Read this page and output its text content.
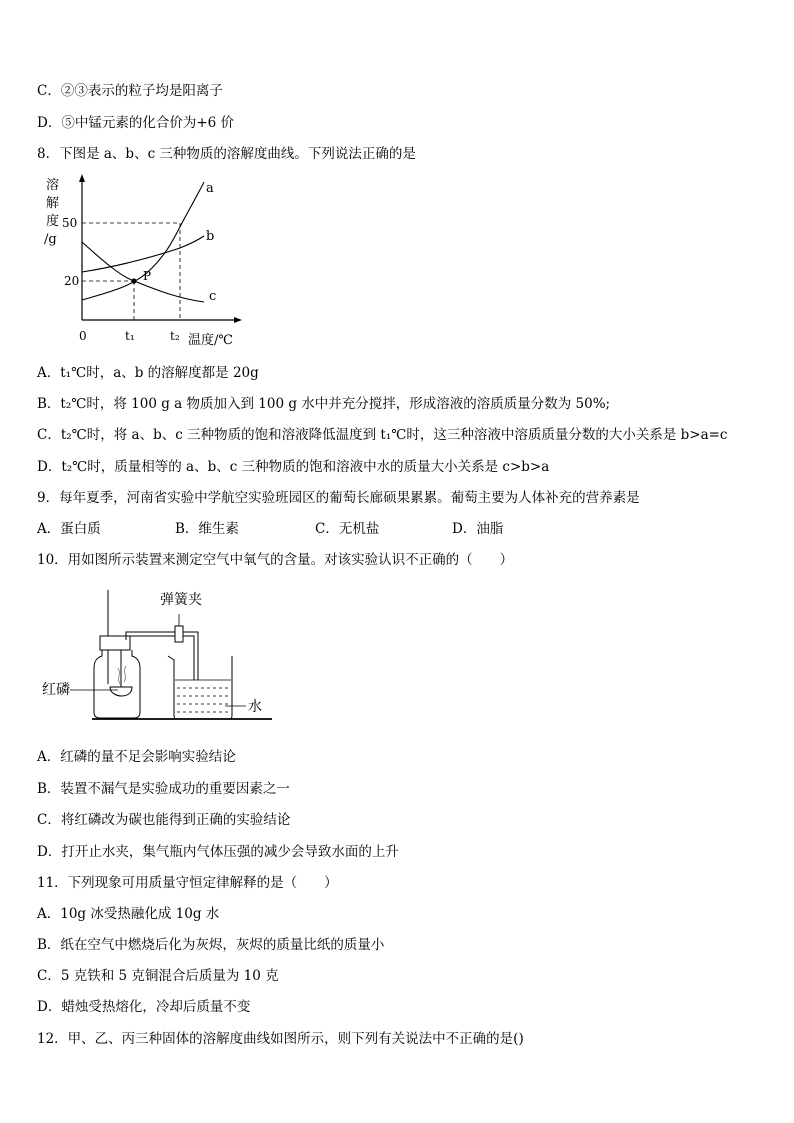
C．②③表示的粒子均是阳离子
D．⑤中锰元素的化合价为+6 价
8．下图是 a、b、c 三种物质的溶解度曲线。下列说法正确的是
溶
解
度
/g
50
20
0	t₁	t₂ 温度/℃
P
a
b
c
A．t₁℃时，a、b 的溶解度都是 20g
B．t₂℃时，将 100 g a 物质加入到 100 g 水中并充分搅拌，形成溶液的溶质质量分数为 50%;
C．t₂℃时，将 a、b、c 三种物质的饱和溶液降低温度到 t₁℃时，这三种溶液中溶质质量分数的大小关系是 b>a=c
D．t₂℃时，质量相等的 a、b、c 三种物质的饱和溶液中水的质量大小关系是 c>b>a
9．每年夏季，河南省实验中学航空实验班园区的葡萄长廊硕果累累。葡萄主要为人体补充的营养素是
A．蛋白质	B．维生素	C．无机盐	D．油脂
10．用如图所示装置来测定空气中氧气的含量。对该实验认识不正确的（　　）
弹簧夹
红磷
水
A．红磷的量不足会影响实验结论
B．装置不漏气是实验成功的重要因素之一
C．将红磷改为碳也能得到正确的实验结论
D．打开止水夹，集气瓶内气体压强的减少会导致水面的上升
11．下列现象可用质量守恒定律解释的是（　　）
A．10g 冰受热融化成 10g 水
B．纸在空气中燃烧后化为灰烬，灰烬的质量比纸的质量小
C．5 克铁和 5 克铜混合后质量为 10 克
D．蜡烛受热熔化，冷却后质量不变
12．甲、乙、丙三种固体的溶解度曲线如图所示，则下列有关说法中不正确的是()
